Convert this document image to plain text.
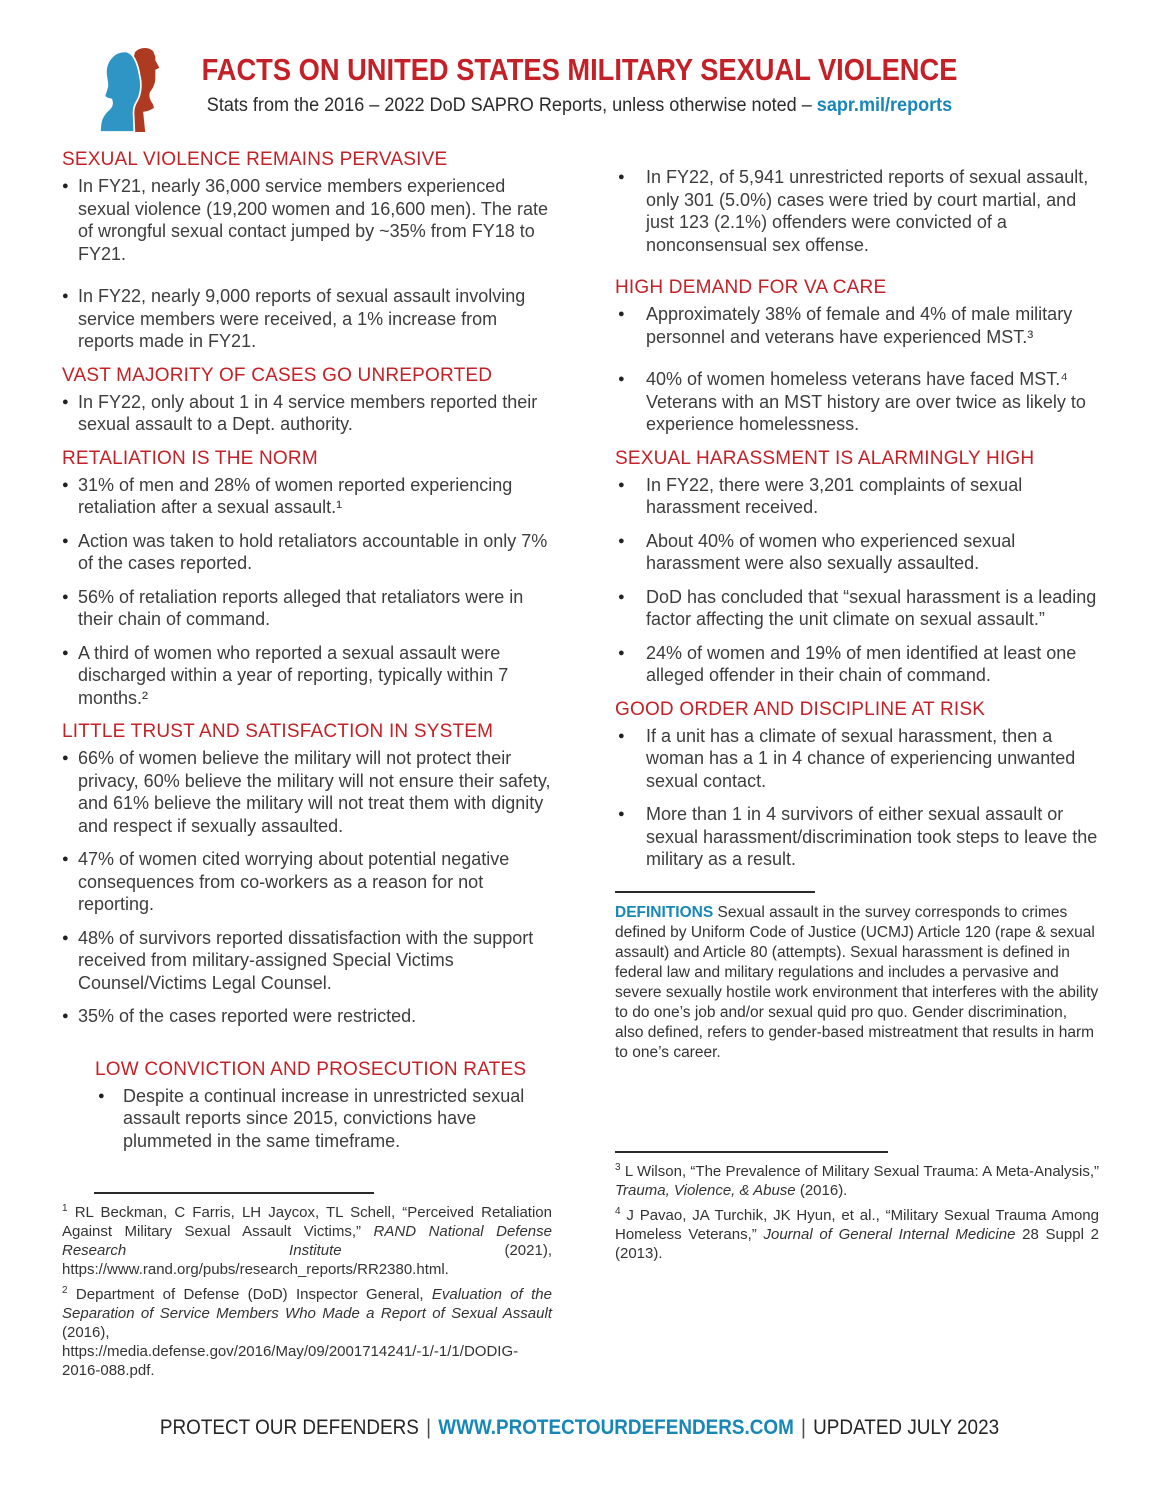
FACTS ON UNITED STATES MILITARY SEXUAL VIOLENCE

Stats from the 2016 – 2022 DoD SAPRO Reports, unless otherwise noted – sapr.mil/reports

SEXUAL VIOLENCE REMAINS PERVASIVE
● In FY21, nearly 36,000 service members experienced sexual violence (19,200 women and 16,600 men). The rate of wrongful sexual contact jumped by ~35% from FY18 to FY21.
● In FY22, nearly 9,000 reports of sexual assault involving service members were received, a 1% increase from reports made in FY21.
VAST MAJORITY OF CASES GO UNREPORTED
● In FY22, only about 1 in 4 service members reported their sexual assault to a Dept. authority.
RETALIATION IS THE NORM
● 31% of men and 28% of women reported experiencing retaliation after a sexual assault.¹
● Action was taken to hold retaliators accountable in only 7% of the cases reported.
● 56% of retaliation reports alleged that retaliators were in their chain of command.
● A third of women who reported a sexual assault were discharged within a year of reporting, typically within 7 months.²
LITTLE TRUST AND SATISFACTION IN SYSTEM
● 66% of women believe the military will not protect their privacy, 60% believe the military will not ensure their safety, and 61% believe the military will not treat them with dignity and respect if sexually assaulted.
● 47% of women cited worrying about potential negative consequences from co-workers as a reason for not reporting.
● 48% of survivors reported dissatisfaction with the support received from military-assigned Special Victims Counsel/Victims Legal Counsel.
● 35% of the cases reported were restricted.
LOW CONVICTION AND PROSECUTION RATES
●	Despite a continual increase in unrestricted sexual assault reports since 2015, convictions have plummeted in the same timeframe.

$^1$ RL Beckman, C Farris, LH Jaycox, TL Schell, “Perceived Retaliation Against Military Sexual Assault Victims,” RAND National Defense Research Institute (2021), https://www.rand.org/pubs/research_reports/RR2380.html.

$^2$ Department of Defense (DoD) Inspector General, Evaluation of the Separation of Service Members Who Made a Report of Sexual Assault (2016), https://media.defense.gov/2016/May/09/2001714241/-1/-1/1/DODIG-2016-088.pdf.

●	In FY22, of 5,941 unrestricted reports of sexual assault, only 301 (5.0%) cases were tried by court martial, and just 123 (2.1%) offenders were convicted of a nonconsensual sex offense.
HIGH DEMAND FOR VA CARE
●	Approximately 38% of female and 4% of male military personnel and veterans have experienced MST.³
●	40% of women homeless veterans have faced MST.⁴ Veterans with an MST history are over twice as likely to experience homelessness.
SEXUAL HARASSMENT IS ALARMINGLY HIGH
●	In FY22, there were 3,201 complaints of sexual harassment received.
●	About 40% of women who experienced sexual harassment were also sexually assaulted.
●	DoD has concluded that “sexual harassment is a leading factor affecting the unit climate on sexual assault.”
●	24% of women and 19% of men identified at least one alleged offender in their chain of command.
GOOD ORDER AND DISCIPLINE AT RISK
●	If a unit has a climate of sexual harassment, then a woman has a 1 in 4 chance of experiencing unwanted sexual contact.
●	More than 1 in 4 survivors of either sexual assault or sexual harassment/discrimination took steps to leave the military as a result.

DEFINITIONS Sexual assault in the survey corresponds to crimes defined by Uniform Code of Justice (UCMJ) Article 120 (rape & sexual assault) and Article 80 (attempts). Sexual harassment is defined in federal law and military regulations and includes a pervasive and severe sexually hostile work environment that interferes with the ability to do one’s job and/or sexual quid pro quo. Gender discrimination, also defined, refers to gender-based mistreatment that results in harm to one’s career.

$^3$ L Wilson, “The Prevalence of Military Sexual Trauma: A Meta-Analysis,” Trauma, Violence, & Abuse (2016).

$^4$ J Pavao, JA Turchik, JK Hyun, et al., “Military Sexual Trauma Among Homeless Veterans,” Journal of General Internal Medicine 28 Suppl 2 (2013).

PROTECT OUR DEFENDERS | WWW.PROTECTOURDEFENDERS.COM | UPDATED JULY 2023
